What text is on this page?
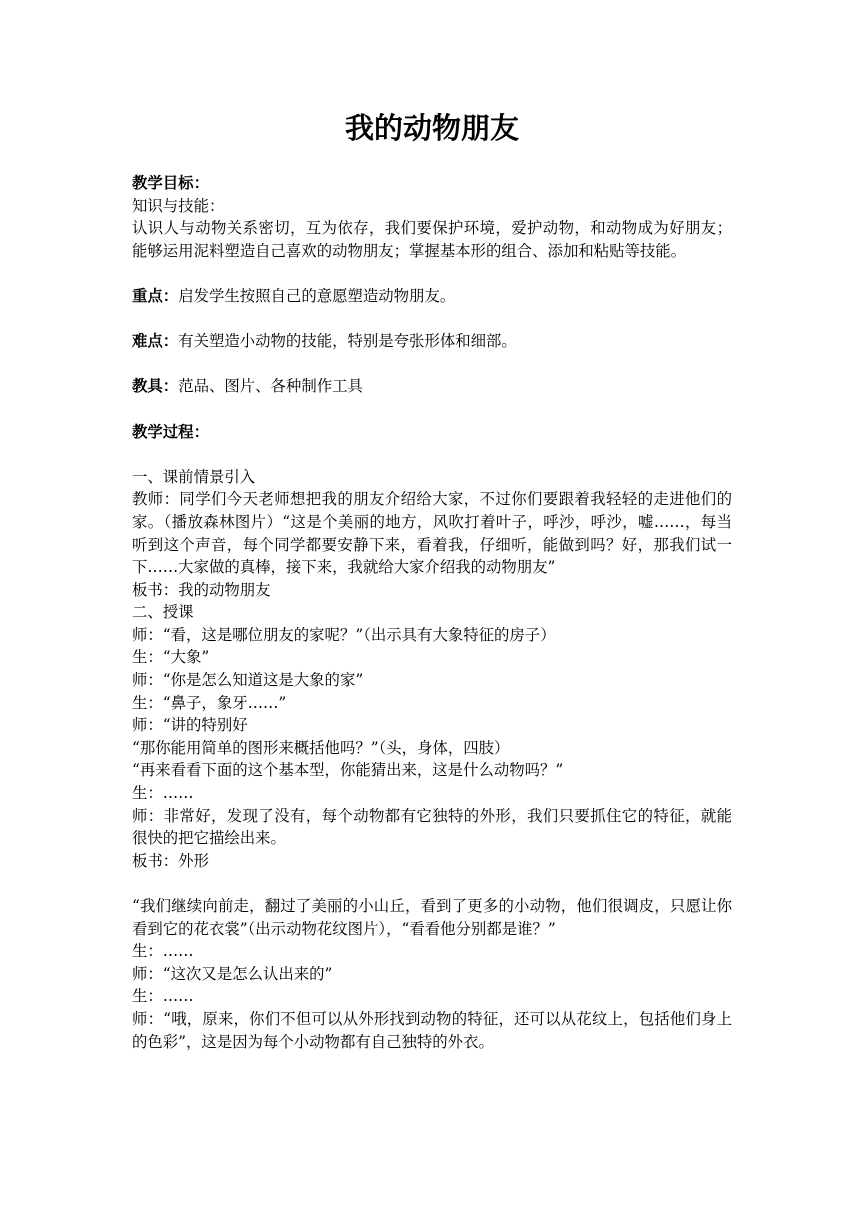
我的动物朋友

教学目标：

知识与技能：

认识人与动物关系密切，互为依存，我们要保护环境，爱护动物，和动物成为好朋友；能够运用泥料塑造自己喜欢的动物朋友；掌握基本形的组合、添加和粘贴等技能。

重点：启发学生按照自己的意愿塑造动物朋友。

难点：有关塑造小动物的技能，特别是夸张形体和细部。

教具：范品、图片、各种制作工具

教学过程：

一、课前情景引入

教师：同学们今天老师想把我的朋友介绍给大家，不过你们要跟着我轻轻的走进他们的家。（播放森林图片）“这是个美丽的地方，风吹打着叶子，呼沙，呼沙，嘘……，每当听到这个声音，每个同学都要安静下来，看着我，仔细听，能做到吗？好，那我们试一下……大家做的真棒，接下来，我就给大家介绍我的动物朋友”

板书：我的动物朋友

二、授课

师：“看，这是哪位朋友的家呢？”（出示具有大象特征的房子）

生：“大象”

师：“你是怎么知道这是大象的家”

生：“鼻子，象牙……”

师：“讲的特别好

“那你能用简单的图形来概括他吗？”（头，身体，四肢）

“再来看看下面的这个基本型，你能猜出来，这是什么动物吗？”

生：……

师：非常好，发现了没有，每个动物都有它独特的外形，我们只要抓住它的特征，就能很快的把它描绘出来。

板书：外形

“我们继续向前走，翻过了美丽的小山丘，看到了更多的小动物，他们很调皮，只愿让你看到它的花衣裳”（出示动物花纹图片），“看看他分别都是谁？”

生：……

师：“这次又是怎么认出来的”

生：……

师：“哦，原来，你们不但可以从外形找到动物的特征，还可以从花纹上，包括他们身上的色彩”，这是因为每个小动物都有自己独特的外衣。
